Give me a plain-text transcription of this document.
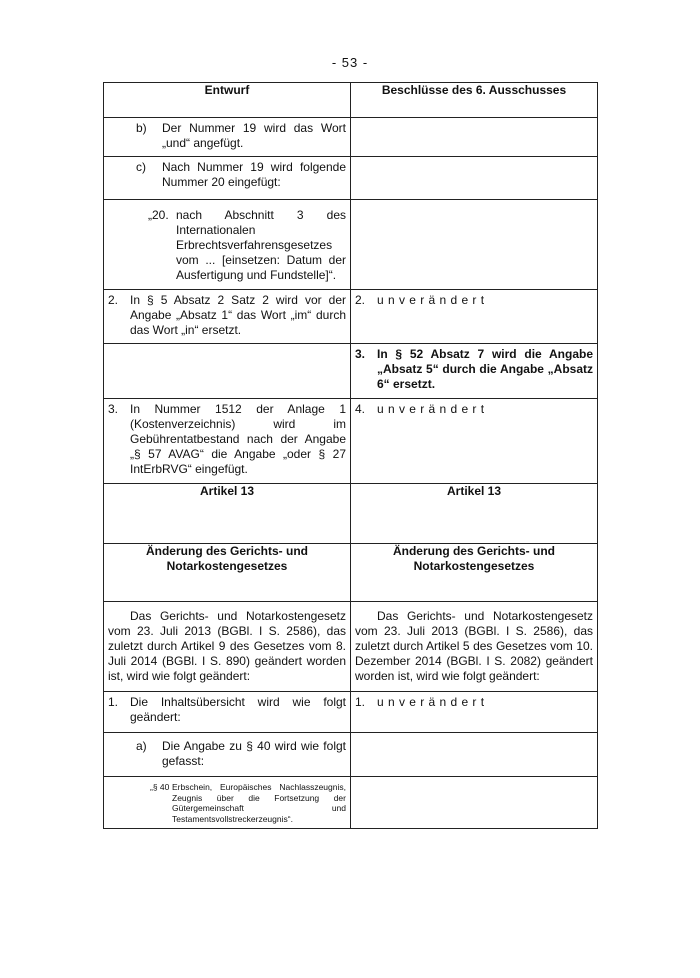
- 53 -
Entwurf	Beschlüsse des 6. Ausschusses

b) Der Nummer 19 wird das Wort „und“ angefügt.	

c) Nach Nummer 19 wird folgende Nummer 20 eingefügt:	

„20. nach Abschnitt 3 des Internationalen Erbrechtsverfahrensgesetzes vom ... [einsetzen: Datum der Ausfertigung und Fundstelle]“.	

2. In § 5 Absatz 2 Satz 2 wird vor der Angabe „Absatz 1“ das Wort „im“ durch das Wort „in“ ersetzt.	2. unverändert

	3. In § 52 Absatz 7 wird die Angabe „Absatz 5“ durch die Angabe „Absatz 6“ ersetzt.

3. In Nummer 1512 der Anlage 1 (Kostenverzeichnis) wird im Gebührentatbestand nach der Angabe „§ 57 AVAG“ die Angabe „oder § 27 IntErbRVG“ eingefügt.	4. unverändert

Artikel 13	Artikel 13
Änderung des Gerichts- und Notarkostengesetzes	Änderung des Gerichts- und Notarkostengesetzes

Das Gerichts- und Notarkostengesetz vom 23. Juli 2013 (BGBl. I S. 2586), das zuletzt durch Artikel 9 des Gesetzes vom 8. Juli 2014 (BGBl. I S. 890) geändert worden ist, wird wie folgt geändert:	Das Gerichts- und Notarkostengesetz vom 23. Juli 2013 (BGBl. I S. 2586), das zuletzt durch Artikel 5 des Gesetzes vom 10. Dezember 2014 (BGBl. I S. 2082) geändert worden ist, wird wie folgt geändert:

1. Die Inhaltsübersicht wird wie folgt geändert:	1. unverändert

a) Die Angabe zu § 40 wird wie folgt gefasst:	

„§ 40 Erbschein, Europäisches Nachlasszeugnis, Zeugnis über die Fortsetzung der Gütergemeinschaft und Testamentsvollstreckerzeugnis“.	
